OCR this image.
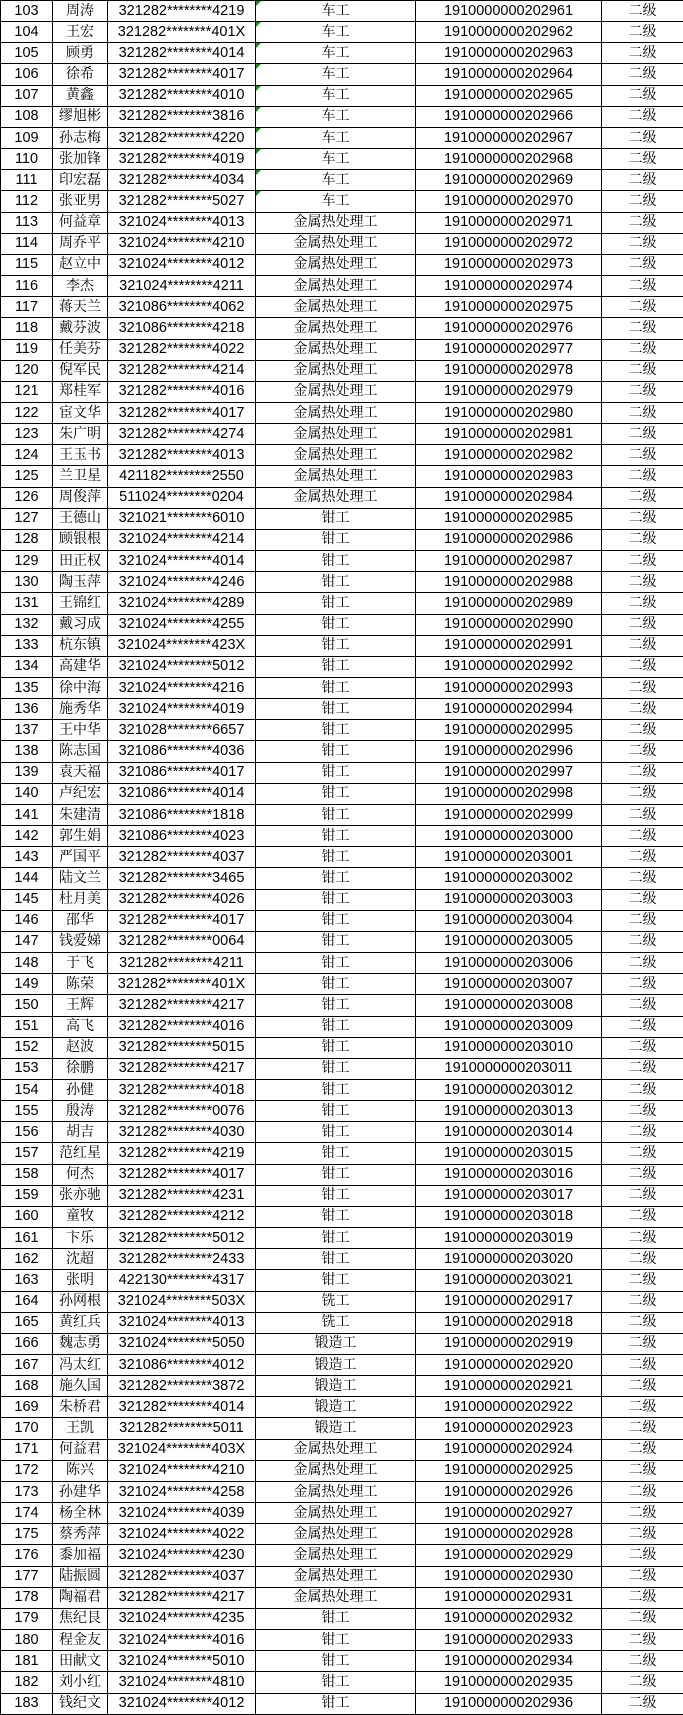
103	周涛	321282********4219	车工	1910000000202961	二级
104	王宏	321282********401X	车工	1910000000202962	二级
105	顾勇	321282********4014	车工	1910000000202963	二级
106	徐希	321282********4017	车工	1910000000202964	二级
107	黄鑫	321282********4010	车工	1910000000202965	二级
108	缪旭彬	321282********3816	车工	1910000000202966	二级
109	孙志梅	321282********4220	车工	1910000000202967	二级
110	张加锋	321282********4019	车工	1910000000202968	二级
111	印宏磊	321282********4034	车工	1910000000202969	二级
112	张亚男	321282********5027	车工	1910000000202970	二级
113	何益章	321024********4013	金属热处理工	1910000000202971	二级
114	周乔平	321024********4210	金属热处理工	1910000000202972	二级
115	赵立中	321024********4012	金属热处理工	1910000000202973	二级
116	李杰	321024********4211	金属热处理工	1910000000202974	二级
117	蒋天兰	321086********4062	金属热处理工	1910000000202975	二级
118	戴芬波	321086********4218	金属热处理工	1910000000202976	二级
119	任美芬	321282********4022	金属热处理工	1910000000202977	二级
120	倪军民	321282********4214	金属热处理工	1910000000202978	二级
121	郑桂军	321282********4016	金属热处理工	1910000000202979	二级
122	宦文华	321282********4017	金属热处理工	1910000000202980	二级
123	朱广明	321282********4274	金属热处理工	1910000000202981	二级
124	王玉书	321282********4013	金属热处理工	1910000000202982	二级
125	兰卫星	421182********2550	金属热处理工	1910000000202983	二级
126	周俊萍	511024********0204	金属热处理工	1910000000202984	二级
127	王德山	321021********6010	钳工	1910000000202985	二级
128	顾银根	321024********4214	钳工	1910000000202986	二级
129	田正权	321024********4014	钳工	1910000000202987	二级
130	陶玉萍	321024********4246	钳工	1910000000202988	二级
131	王锦红	321024********4289	钳工	1910000000202989	二级
132	戴习成	321024********4255	钳工	1910000000202990	二级
133	杭东镇	321024********423X	钳工	1910000000202991	二级
134	高建华	321024********5012	钳工	1910000000202992	二级
135	徐中海	321024********4216	钳工	1910000000202993	二级
136	施秀华	321024********4019	钳工	1910000000202994	二级
137	王中华	321028********6657	钳工	1910000000202995	二级
138	陈志国	321086********4036	钳工	1910000000202996	二级
139	袁天福	321086********4017	钳工	1910000000202997	二级
140	卢纪宏	321086********4014	钳工	1910000000202998	二级
141	朱建清	321086********1818	钳工	1910000000202999	二级
142	郭生娟	321086********4023	钳工	1910000000203000	二级
143	严国平	321282********4037	钳工	1910000000203001	二级
144	陆文兰	321282********3465	钳工	1910000000203002	二级
145	杜月美	321282********4026	钳工	1910000000203003	二级
146	邵华	321282********4017	钳工	1910000000203004	二级
147	钱爱娣	321282********0064	钳工	1910000000203005	二级
148	于飞	321282********4211	钳工	1910000000203006	二级
149	陈荣	321282********401X	钳工	1910000000203007	二级
150	王辉	321282********4217	钳工	1910000000203008	二级
151	高飞	321282********4016	钳工	1910000000203009	二级
152	赵波	321282********5015	钳工	1910000000203010	二级
153	徐鹏	321282********4217	钳工	1910000000203011	二级
154	孙健	321282********4018	钳工	1910000000203012	二级
155	殷涛	321282********0076	钳工	1910000000203013	二级
156	胡吉	321282********4030	钳工	1910000000203014	二级
157	范红星	321282********4219	钳工	1910000000203015	二级
158	何杰	321282********4017	钳工	1910000000203016	二级
159	张亦驰	321282********4231	钳工	1910000000203017	二级
160	童牧	321282********4212	钳工	1910000000203018	二级
161	卞乐	321282********5012	钳工	1910000000203019	二级
162	沈超	321282********2433	钳工	1910000000203020	二级
163	张明	422130********4317	钳工	1910000000203021	二级
164	孙网根	321024********503X	铣工	1910000000202917	二级
165	黄红兵	321024********4013	铣工	1910000000202918	二级
166	魏志勇	321024********5050	锻造工	1910000000202919	二级
167	冯太红	321086********4012	锻造工	1910000000202920	二级
168	施久国	321282********3872	锻造工	1910000000202921	二级
169	朱桥君	321282********4014	锻造工	1910000000202922	二级
170	王凯	321282********5011	锻造工	1910000000202923	二级
171	何益君	321024********403X	金属热处理工	1910000000202924	二级
172	陈兴	321024********4210	金属热处理工	1910000000202925	二级
173	孙建华	321024********4258	金属热处理工	1910000000202926	二级
174	杨全林	321024********4039	金属热处理工	1910000000202927	二级
175	蔡秀萍	321024********4022	金属热处理工	1910000000202928	二级
176	黍加福	321024********4230	金属热处理工	1910000000202929	二级
177	陆振圆	321282********4037	金属热处理工	1910000000202930	二级
178	陶福君	321282********4217	金属热处理工	1910000000202931	二级
179	焦纪艮	321024********4235	钳工	1910000000202932	二级
180	程金友	321024********4016	钳工	1910000000202933	二级
181	田献文	321024********5010	钳工	1910000000202934	二级
182	刘小红	321024********4810	钳工	1910000000202935	二级
183	钱纪文	321024********4012	钳工	1910000000202936	二级
